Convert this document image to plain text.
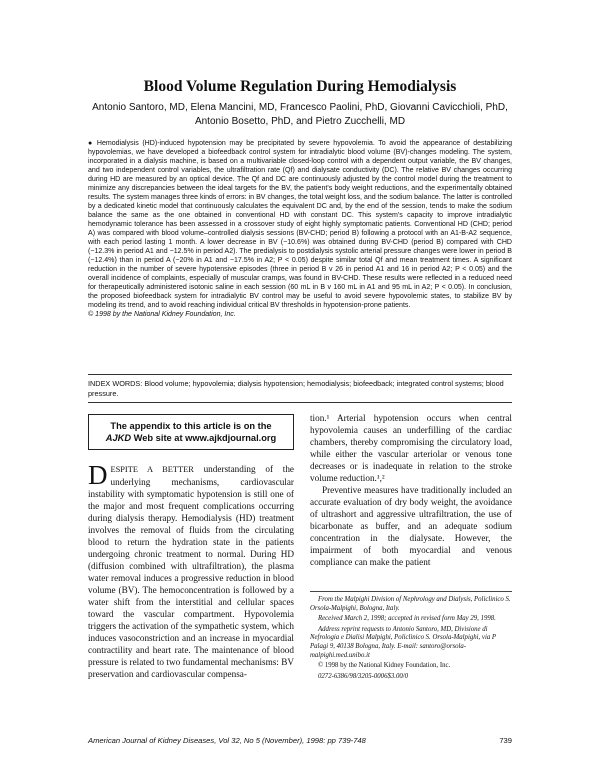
Blood Volume Regulation During Hemodialysis
Antonio Santoro, MD, Elena Mancini, MD, Francesco Paolini, PhD, Giovanni Cavicchioli, PhD,
Antonio Bosetto, PhD, and Pietro Zucchelli, MD
● Hemodialysis (HD)-induced hypotension may be precipitated by severe hypovolemia. To avoid the appearance of destabilizing hypovolemias, we have developed a biofeedback control system for intradialytic blood volume (BV)-changes modeling. The system, incorporated in a dialysis machine, is based on a multivariable closed-loop control with a dependent output variable, the BV changes, and two independent control variables, the ultrafiltration rate (Qf) and dialysate conductivity (DC). The relative BV changes occurring during HD are measured by an optical device. The Qf and DC are continuously adjusted by the control model during the treatment to minimize any discrepancies between the ideal targets for the BV, the patient's body weight reductions, and the experimentally obtained results. The system manages three kinds of errors: in BV changes, the total weight loss, and the sodium balance. The latter is controlled by a dedicated kinetic model that continuously calculates the equivalent DC and, by the end of the session, tends to make the sodium balance the same as the one obtained in conventional HD with constant DC. This system's capacity to improve intradialytic hemodynamic tolerance has been assessed in a crossover study of eight highly symptomatic patients. Conventional HD (CHD; period A) was compared with blood volume–controlled dialysis sessions (BV-CHD; period B) following a protocol with an A1-B-A2 sequence, with each period lasting 1 month. A lower decrease in BV (−10.6%) was obtained during BV-CHD (period B) compared with CHD (−12.3% in period A1 and −12.5% in period A2). The predialysis to postdialysis systolic arterial pressure changes were lower in period B (−12.4%) than in period A (−20% in A1 and −17.5% in A2; P < 0.05) despite similar total Qf and mean treatment times. A significant reduction in the number of severe hypotensive episodes (three in period B v 26 in period A1 and 16 in period A2; P < 0.05) and the overall incidence of complaints, especially of muscular cramps, was found in BV-CHD. These results were reflected in a reduced need for therapeutically administered isotonic saline in each session (60 mL in B v 160 mL in A1 and 95 mL in A2; P < 0.05). In conclusion, the proposed biofeedback system for intradialytic BV control may be useful to avoid severe hypovolemic states, to stabilize BV by modeling its trend, and to avoid reaching individual critical BV thresholds in hypotension-prone patients.
© 1998 by the National Kidney Foundation, Inc.
INDEX WORDS: Blood volume; hypovolemia; dialysis hypotension; hemodialysis; biofeedback; integrated control systems; blood pressure.
The appendix to this article is on the
AJKD Web site at www.ajkdjournal.org

DESPITE A BETTER understanding of the underlying mechanisms, cardiovascular instability with symptomatic hypotension is still one of the major and most frequent complications occurring during dialysis therapy. Hemodialysis (HD) treatment involves the removal of fluids from the circulating blood to return the hydration state in the patients undergoing chronic treatment to normal. During HD (diffusion combined with ultrafiltration), the plasma water removal induces a progressive reduction in blood volume (BV). The hemoconcentration is followed by a water shift from the interstitial and cellular spaces toward the vascular compartment. Hypovolemia triggers the activation of the sympathetic system, which induces vasoconstriction and an increase in myocardial contractility and heart rate. The maintenance of blood pressure is related to two fundamental mechanisms: BV preservation and cardiovascular compensa-

tion.¹ Arterial hypotension occurs when central hypovolemia causes an underfilling of the cardiac chambers, thereby compromising the circulatory load, while either the vascular arteriolar or venous tone decreases or is inadequate in relation to the stroke volume reduction.¹,²

Preventive measures have traditionally included an accurate evaluation of dry body weight, the avoidance of ultrashort and aggressive ultrafiltration, the use of bicarbonate as buffer, and an adequate sodium concentration in the dialysate. However, the impairment of both myocardial and venous compliance can make the patient

From the Malpighi Division of Nephrology and Dialysis, Policlinico S. Orsola-Malpighi, Bologna, Italy.

Received March 2, 1998; accepted in revised form May 29, 1998.

Address reprint requests to Antonio Santoro, MD, Divisione di Nefrologia e Dialisi Malpighi, Policlinico S. Orsola-Malpighi, via P Palagi 9, 40138 Bologna, Italy. E-mail: santoro@orsola-malpighi.med.unibo.it

© 1998 by the National Kidney Foundation, Inc.

0272-6386/98/3205-0006$3.00/0

American Journal of Kidney Diseases, Vol 32, No 5 (November), 1998: pp 739-748	739
